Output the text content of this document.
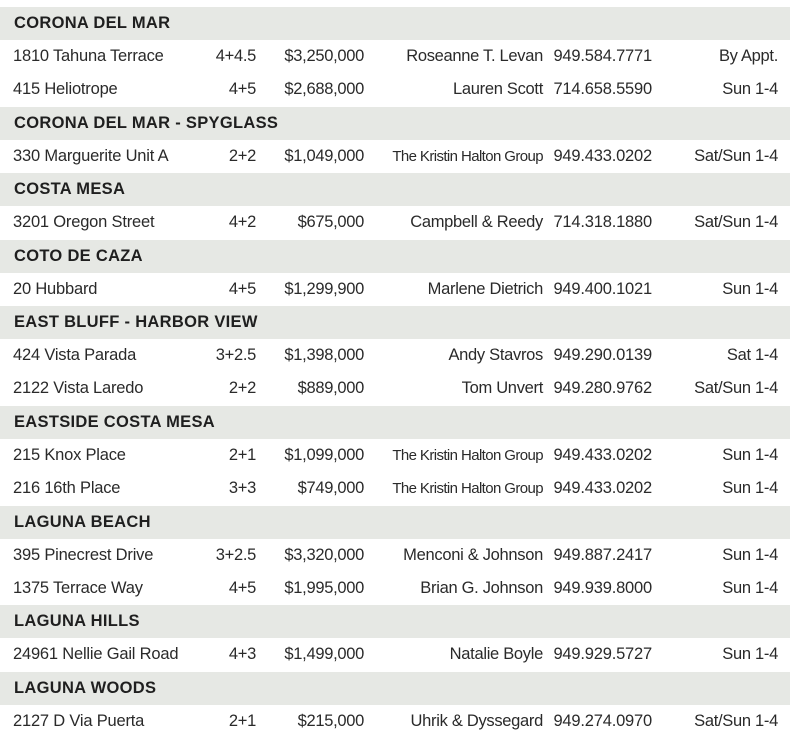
CORONA DEL MAR
1810 Tahuna Terrace	4+4.5 $3,250,000	Roseanne T. Levan 949.584.7771	By Appt.
415 Heliotrope	4+5 $2,688,000	Lauren Scott 714.658.5590	Sun 1-4
CORONA DEL MAR - SPYGLASS
330 Marguerite Unit A	2+2 $1,049,000 The Kristin Halton Group 949.433.0202	Sat/Sun 1-4
COSTA MESA
3201 Oregon Street	4+2	$675,000	Campbell & Reedy 714.318.1880	Sat/Sun 1-4
COTO DE CAZA
20 Hubbard	4+5 $1,299,900	Marlene Dietrich 949.400.1021	Sun 1-4
EAST BLUFF - HARBOR VIEW
424 Vista Parada	3+2.5 $1,398,000	Andy Stavros 949.290.0139	Sat 1-4
2122 Vista Laredo	2+2	$889,000	Tom Unvert 949.280.9762	Sat/Sun 1-4
EASTSIDE COSTA MESA
215 Knox Place	2+1 $1,099,000 The Kristin Halton Group 949.433.0202	Sun 1-4
216 16th Place	3+3	$749,000 The Kristin Halton Group 949.433.0202	Sun 1-4
LAGUNA BEACH
395 Pinecrest Drive	3+2.5 $3,320,000 Menconi & Johnson 949.887.2417	Sun 1-4
1375 Terrace Way	4+5 $1,995,000	Brian G. Johnson 949.939.8000	Sun 1-4
LAGUNA HILLS
24961 Nellie Gail Road	4+3 $1,499,000	Natalie Boyle 949.929.5727	Sun 1-4
LAGUNA WOODS
2127 D Via Puerta	2+1	$215,000	Uhrik & Dyssegard 949.274.0970	Sat/Sun 1-4
